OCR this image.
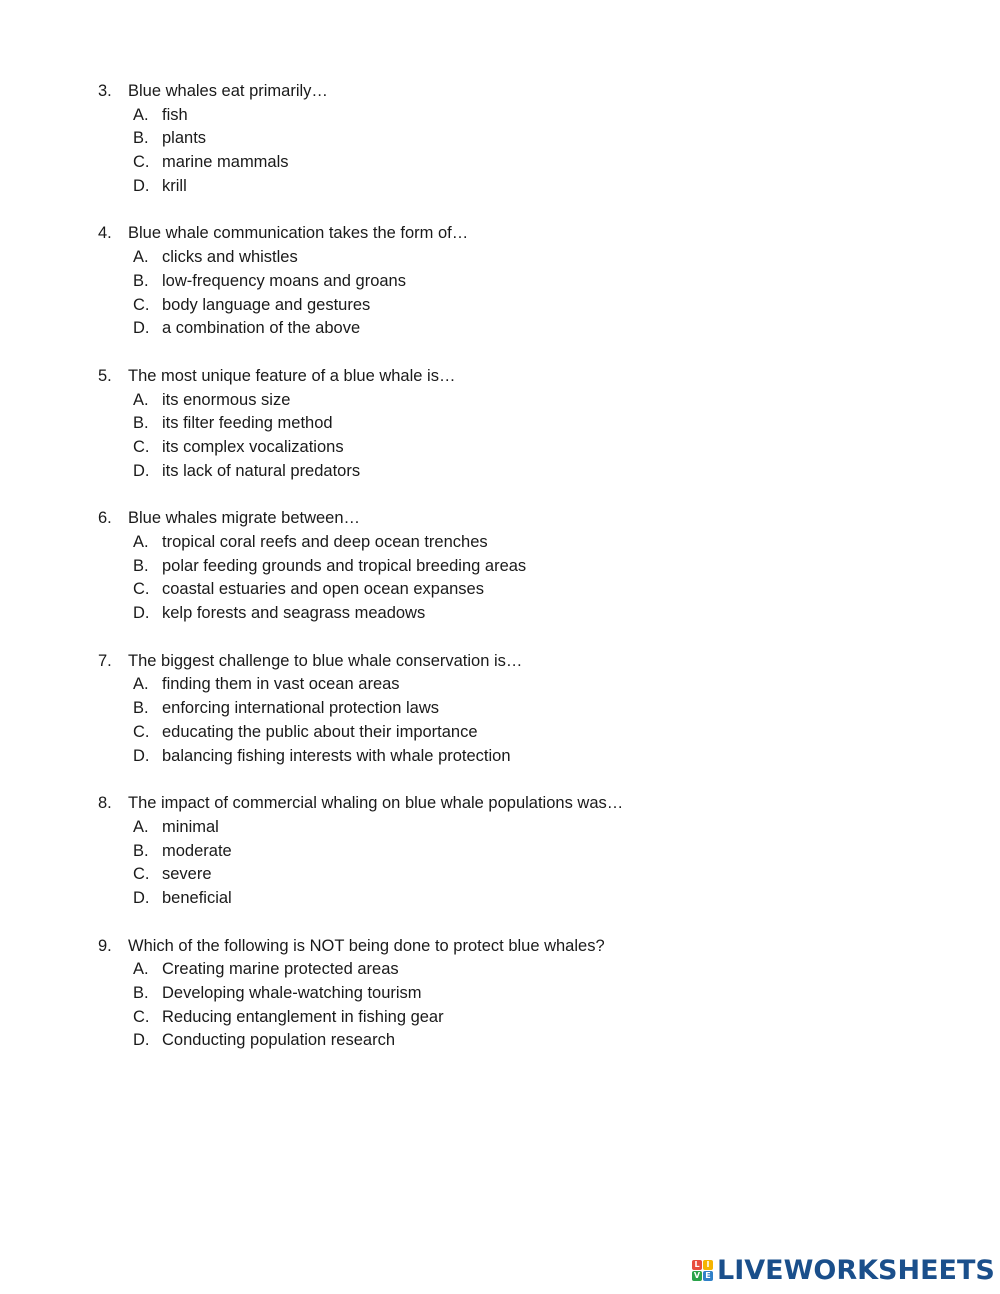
3. Blue whales eat primarily…
A. fish
B. plants
C. marine mammals
D. krill
4. Blue whale communication takes the form of…
A. clicks and whistles
B. low-frequency moans and groans
C. body language and gestures
D. a combination of the above
5. The most unique feature of a blue whale is…
A. its enormous size
B. its filter feeding method
C. its complex vocalizations
D. its lack of natural predators
6. Blue whales migrate between…
A. tropical coral reefs and deep ocean trenches
B. polar feeding grounds and tropical breeding areas
C. coastal estuaries and open ocean expanses
D. kelp forests and seagrass meadows
7. The biggest challenge to blue whale conservation is…
A. finding them in vast ocean areas
B. enforcing international protection laws
C. educating the public about their importance
D. balancing fishing interests with whale protection
8. The impact of commercial whaling on blue whale populations was…
A. minimal
B. moderate
C. severe
D. beneficial
9. Which of the following is NOT being done to protect blue whales?
A. Creating marine protected areas
B. Developing whale-watching tourism
C. Reducing entanglement in fishing gear
D. Conducting population research
L I
V E LIVEWORKSHEETS
